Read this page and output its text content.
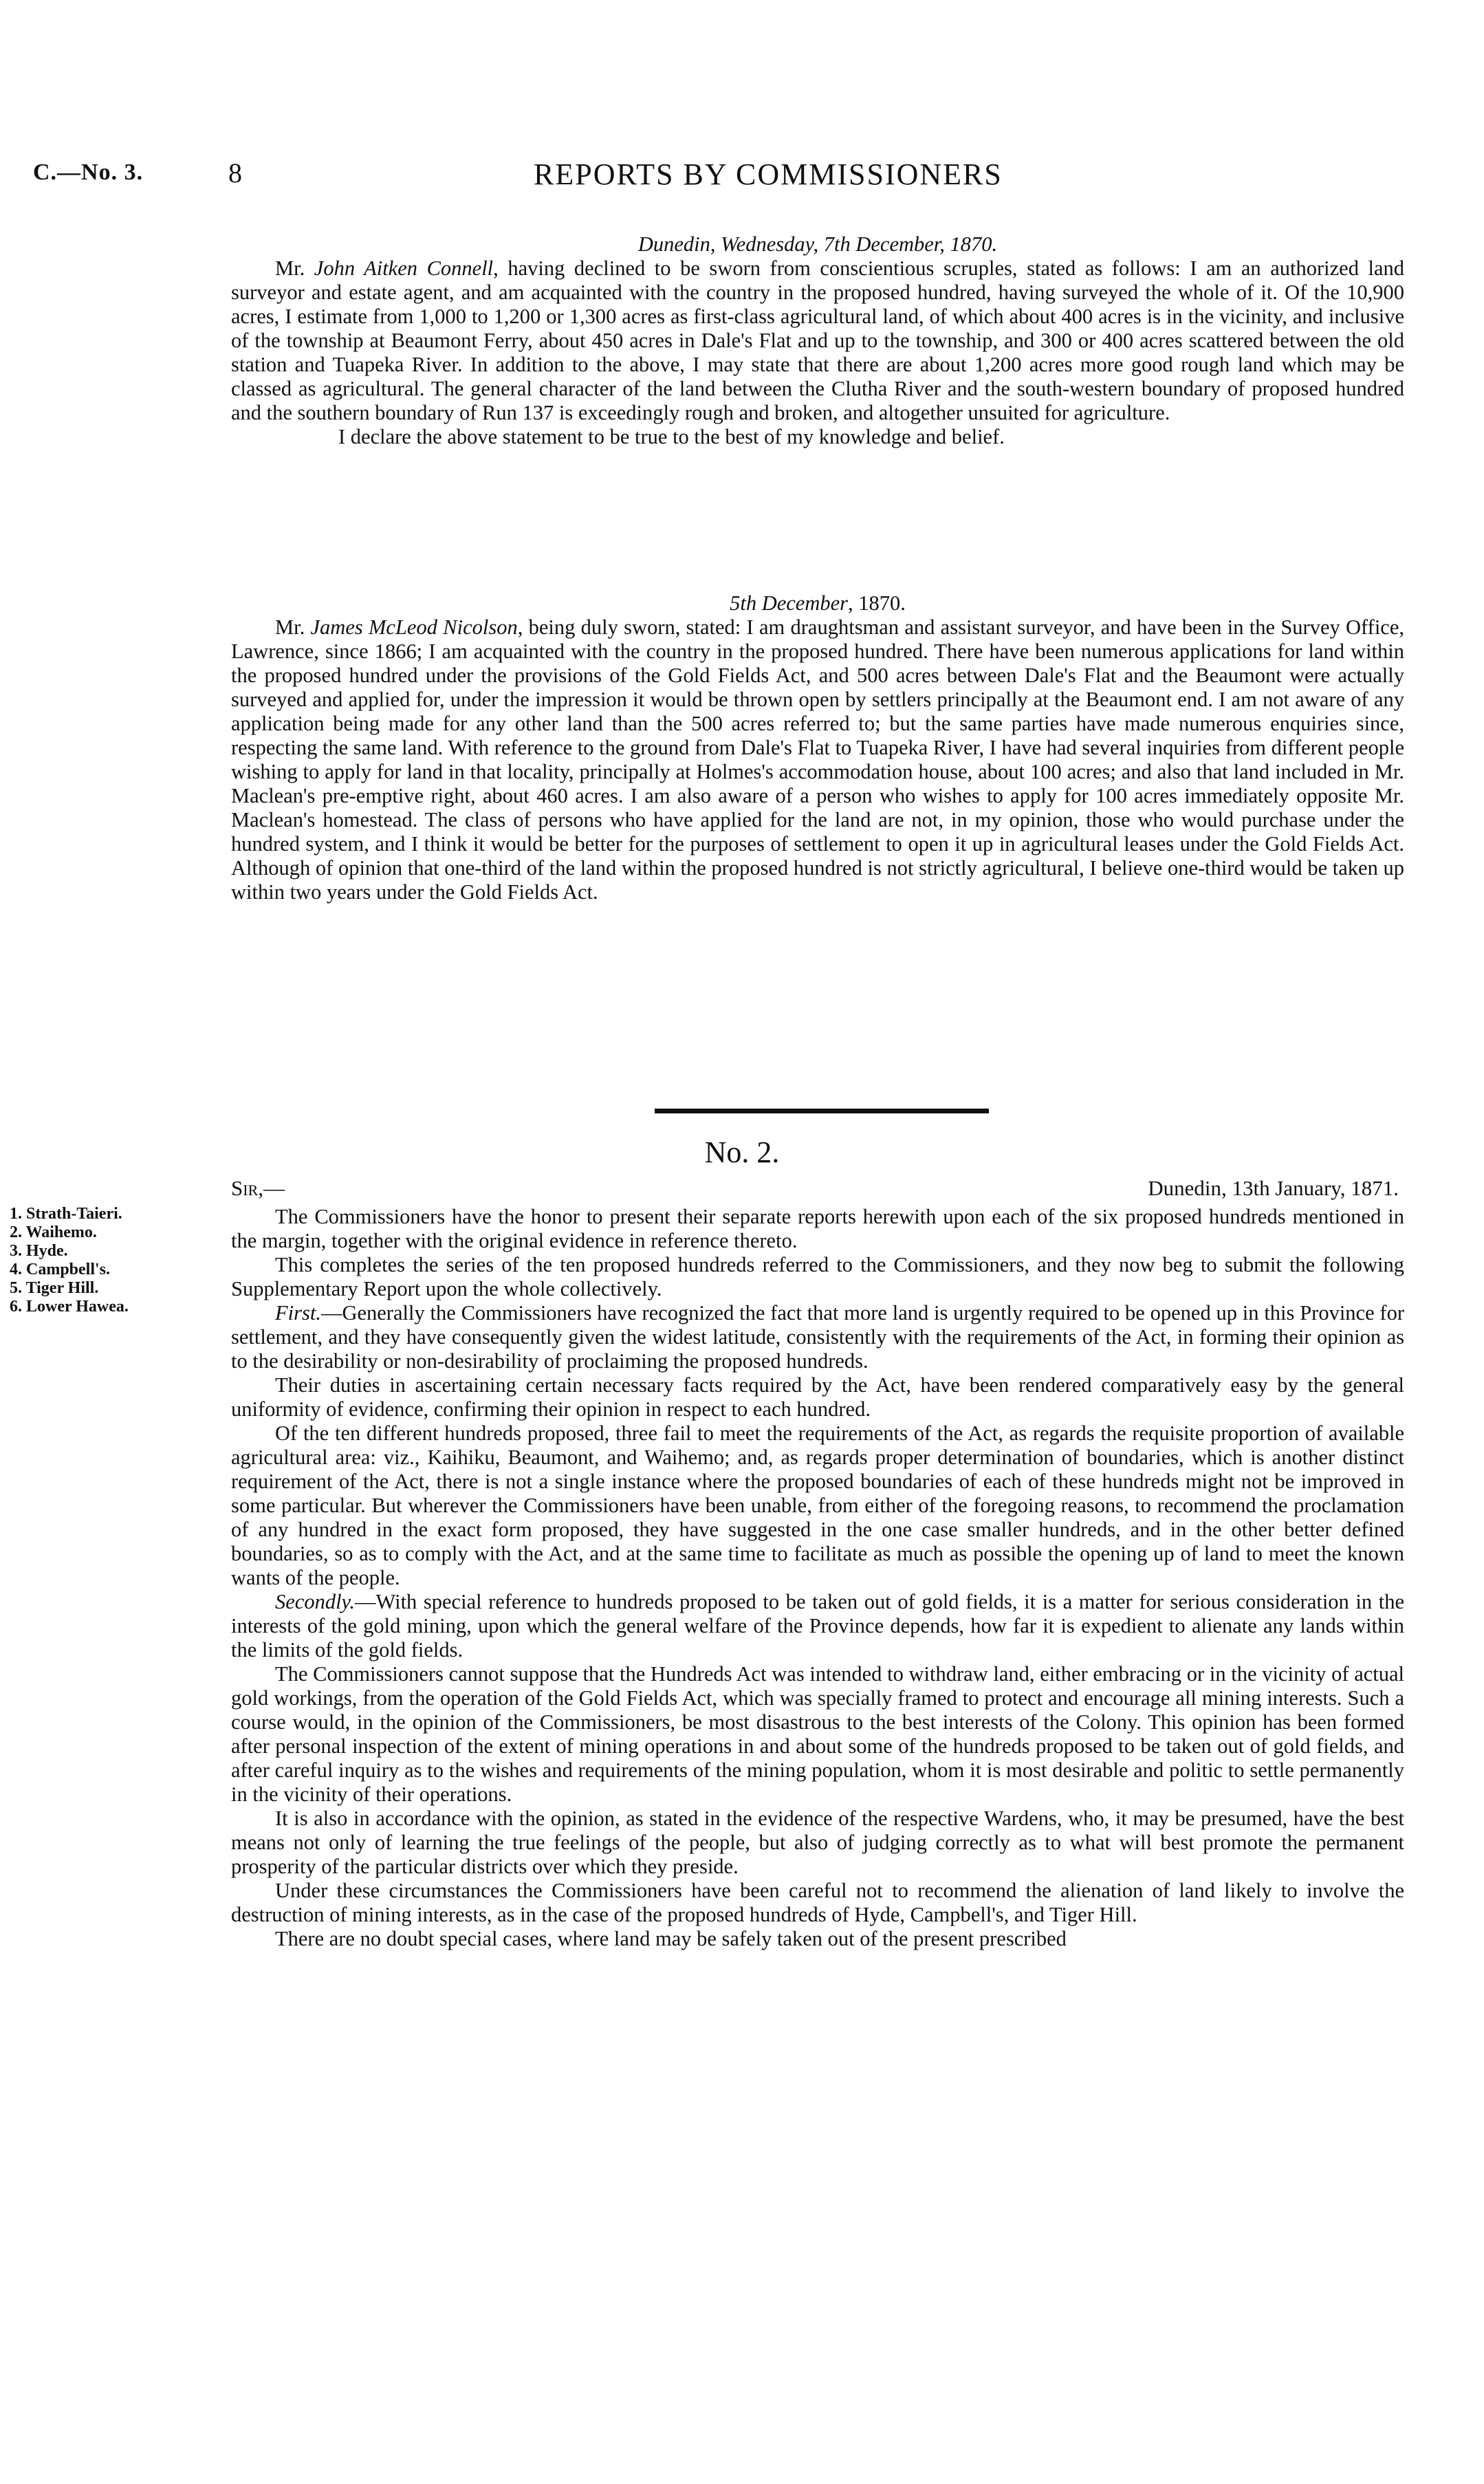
C.—No. 3.	8	REPORTS BY COMMISSIONERS
Dunedin, Wednesday, 7th December, 1870.

Mr. John Aitken Connell, having declined to be sworn from conscientious scruples, stated as follows: I am an authorized land surveyor and estate agent, and am acquainted with the country in the proposed hundred, having surveyed the whole of it. Of the 10,900 acres, I estimate from 1,000 to 1,200 or 1,300 acres as first-class agricultural land, of which about 400 acres is in the vicinity, and inclusive of the township at Beaumont Ferry, about 450 acres in Dale's Flat and up to the township, and 300 or 400 acres scattered between the old station and Tuapeka River. In addition to the above, I may state that there are about 1,200 acres more good rough land which may be classed as agricultural. The general character of the land between the Clutha River and the south-western boundary of proposed hundred and the southern boundary of Run 137 is exceedingly rough and broken, and altogether unsuited for agriculture.

I declare the above statement to be true to the best of my knowledge and belief.

5th December, 1870.

Mr. James McLeod Nicolson, being duly sworn, stated: I am draughtsman and assistant surveyor, and have been in the Survey Office, Lawrence, since 1866; I am acquainted with the country in the proposed hundred. There have been numerous applications for land within the proposed hundred under the provisions of the Gold Fields Act, and 500 acres between Dale's Flat and the Beaumont were actually surveyed and applied for, under the impression it would be thrown open by settlers principally at the Beaumont end. I am not aware of any application being made for any other land than the 500 acres referred to; but the same parties have made numerous enquiries since, respecting the same land. With reference to the ground from Dale's Flat to Tuapeka River, I have had several inquiries from different people wishing to apply for land in that locality, principally at Holmes's accommodation house, about 100 acres; and also that land included in Mr. Maclean's pre-emptive right, about 460 acres. I am also aware of a person who wishes to apply for 100 acres immediately opposite Mr. Maclean's homestead. The class of persons who have applied for the land are not, in my opinion, those who would purchase under the hundred system, and I think it would be better for the purposes of settlement to open it up in agricultural leases under the Gold Fields Act. Although of opinion that one-third of the land within the proposed hundred is not strictly agricultural, I believe one-third would be taken up within two years under the Gold Fields Act.

No. 2.
Sir,—	Dunedin, 13th January, 1871.
1. Strath-Taieri.
2. Waihemo.
3. Hyde.
4. Campbell's.
5. Tiger Hill.
6. Lower Hawea.

The Commissioners have the honor to present their separate reports herewith upon each of the six proposed hundreds mentioned in the margin, together with the original evidence in reference thereto.

This completes the series of the ten proposed hundreds referred to the Commissioners, and they now beg to submit the following Supplementary Report upon the whole collectively.

First.—Generally the Commissioners have recognized the fact that more land is urgently required to be opened up in this Province for settlement, and they have consequently given the widest latitude, consistently with the requirements of the Act, in forming their opinion as to the desirability or non-desirability of proclaiming the proposed hundreds.

Their duties in ascertaining certain necessary facts required by the Act, have been rendered comparatively easy by the general uniformity of evidence, confirming their opinion in respect to each hundred.

Of the ten different hundreds proposed, three fail to meet the requirements of the Act, as regards the requisite proportion of available agricultural area: viz., Kaihiku, Beaumont, and Waihemo; and, as regards proper determination of boundaries, which is another distinct requirement of the Act, there is not a single instance where the proposed boundaries of each of these hundreds might not be improved in some particular. But wherever the Commissioners have been unable, from either of the foregoing reasons, to recommend the proclamation of any hundred in the exact form proposed, they have suggested in the one case smaller hundreds, and in the other better defined boundaries, so as to comply with the Act, and at the same time to facilitate as much as possible the opening up of land to meet the known wants of the people.

Secondly.—With special reference to hundreds proposed to be taken out of gold fields, it is a matter for serious consideration in the interests of the gold mining, upon which the general welfare of the Province depends, how far it is expedient to alienate any lands within the limits of the gold fields.

The Commissioners cannot suppose that the Hundreds Act was intended to withdraw land, either embracing or in the vicinity of actual gold workings, from the operation of the Gold Fields Act, which was specially framed to protect and encourage all mining interests. Such a course would, in the opinion of the Commissioners, be most disastrous to the best interests of the Colony. This opinion has been formed after personal inspection of the extent of mining operations in and about some of the hundreds proposed to be taken out of gold fields, and after careful inquiry as to the wishes and requirements of the mining population, whom it is most desirable and politic to settle permanently in the vicinity of their operations.

It is also in accordance with the opinion, as stated in the evidence of the respective Wardens, who, it may be presumed, have the best means not only of learning the true feelings of the people, but also of judging correctly as to what will best promote the permanent prosperity of the particular districts over which they preside.

Under these circumstances the Commissioners have been careful not to recommend the alienation of land likely to involve the destruction of mining interests, as in the case of the proposed hundreds of Hyde, Campbell's, and Tiger Hill.

There are no doubt special cases, where land may be safely taken out of the present prescribed
